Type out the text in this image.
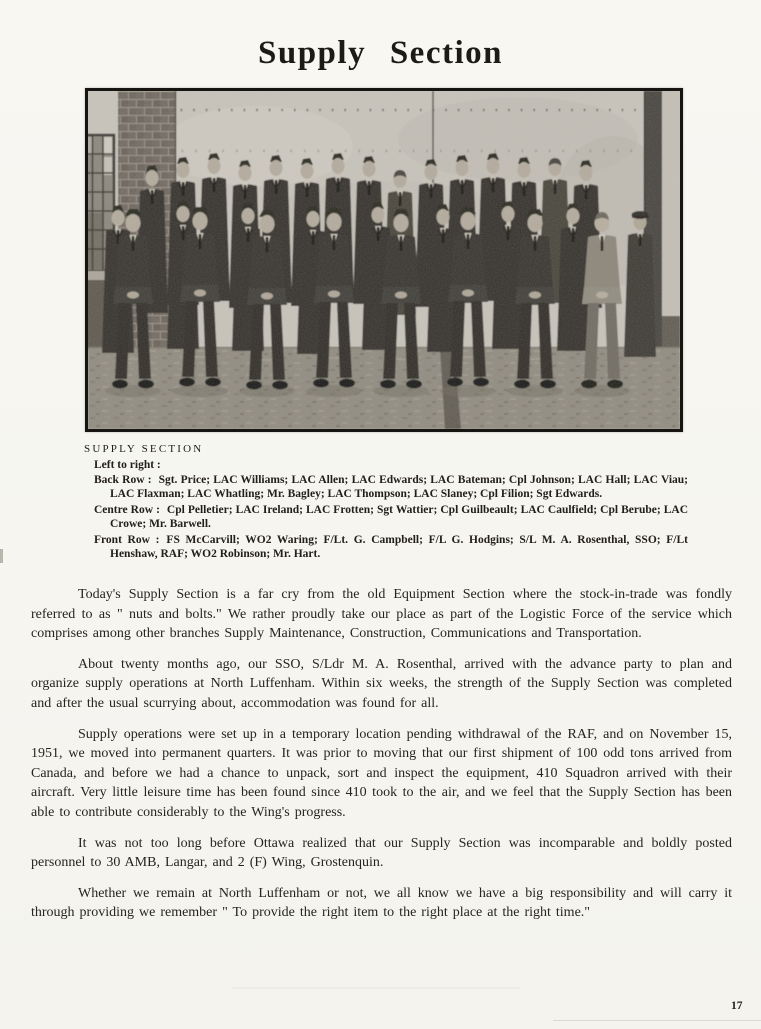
Supply Section
SUPPLY SECTION
Left to right :
Back Row : Sgt. Price; LAC Williams; LAC Allen; LAC Edwards; LAC Bateman; Cpl Johnson; LAC Hall; LAC Viau; LAC Flaxman; LAC Whatling; Mr. Bagley; LAC Thompson; LAC Slaney; Cpl Filion; Sgt Edwards.
Centre Row : Cpl Pelletier; LAC Ireland; LAC Frotten; Sgt Wattier; Cpl Guilbeault; LAC Caulfield; Cpl Berube; LAC Crowe; Mr. Barwell.
Front Row : FS McCarvill; WO2 Waring; F/Lt. G. Campbell; F/L G. Hodgins; S/L M. A. Rosenthal, SSO; F/Lt Henshaw, RAF; WO2 Robinson; Mr. Hart.

Today's Supply Section is a far cry from the old Equipment Section where the stock-in-trade was fondly referred to as " nuts and bolts." We rather proudly take our place as part of the Logistic Force of the service which comprises among other branches Supply Maintenance, Construction, Communications and Transportation.

About twenty months ago, our SSO, S/Ldr M. A. Rosenthal, arrived with the advance party to plan and organize supply operations at North Luffenham. Within six weeks, the strength of the Supply Section was completed and after the usual scurrying about, accommodation was found for all.

Supply operations were set up in a temporary location pending withdrawal of the RAF, and on November 15, 1951, we moved into permanent quarters. It was prior to moving that our first shipment of 100 odd tons arrived from Canada, and before we had a chance to unpack, sort and inspect the equipment, 410 Squadron arrived with their aircraft. Very little leisure time has been found since 410 took to the air, and we feel that the Supply Section has been able to contribute considerably to the Wing's progress.

It was not too long before Ottawa realized that our Supply Section was incomparable and boldly posted personnel to 30 AMB, Langar, and 2 (F) Wing, Grostenquin.

Whether we remain at North Luffenham or not, we all know we have a big responsibility and will carry it through providing we remember " To provide the right item to the right place at the right time."

17
